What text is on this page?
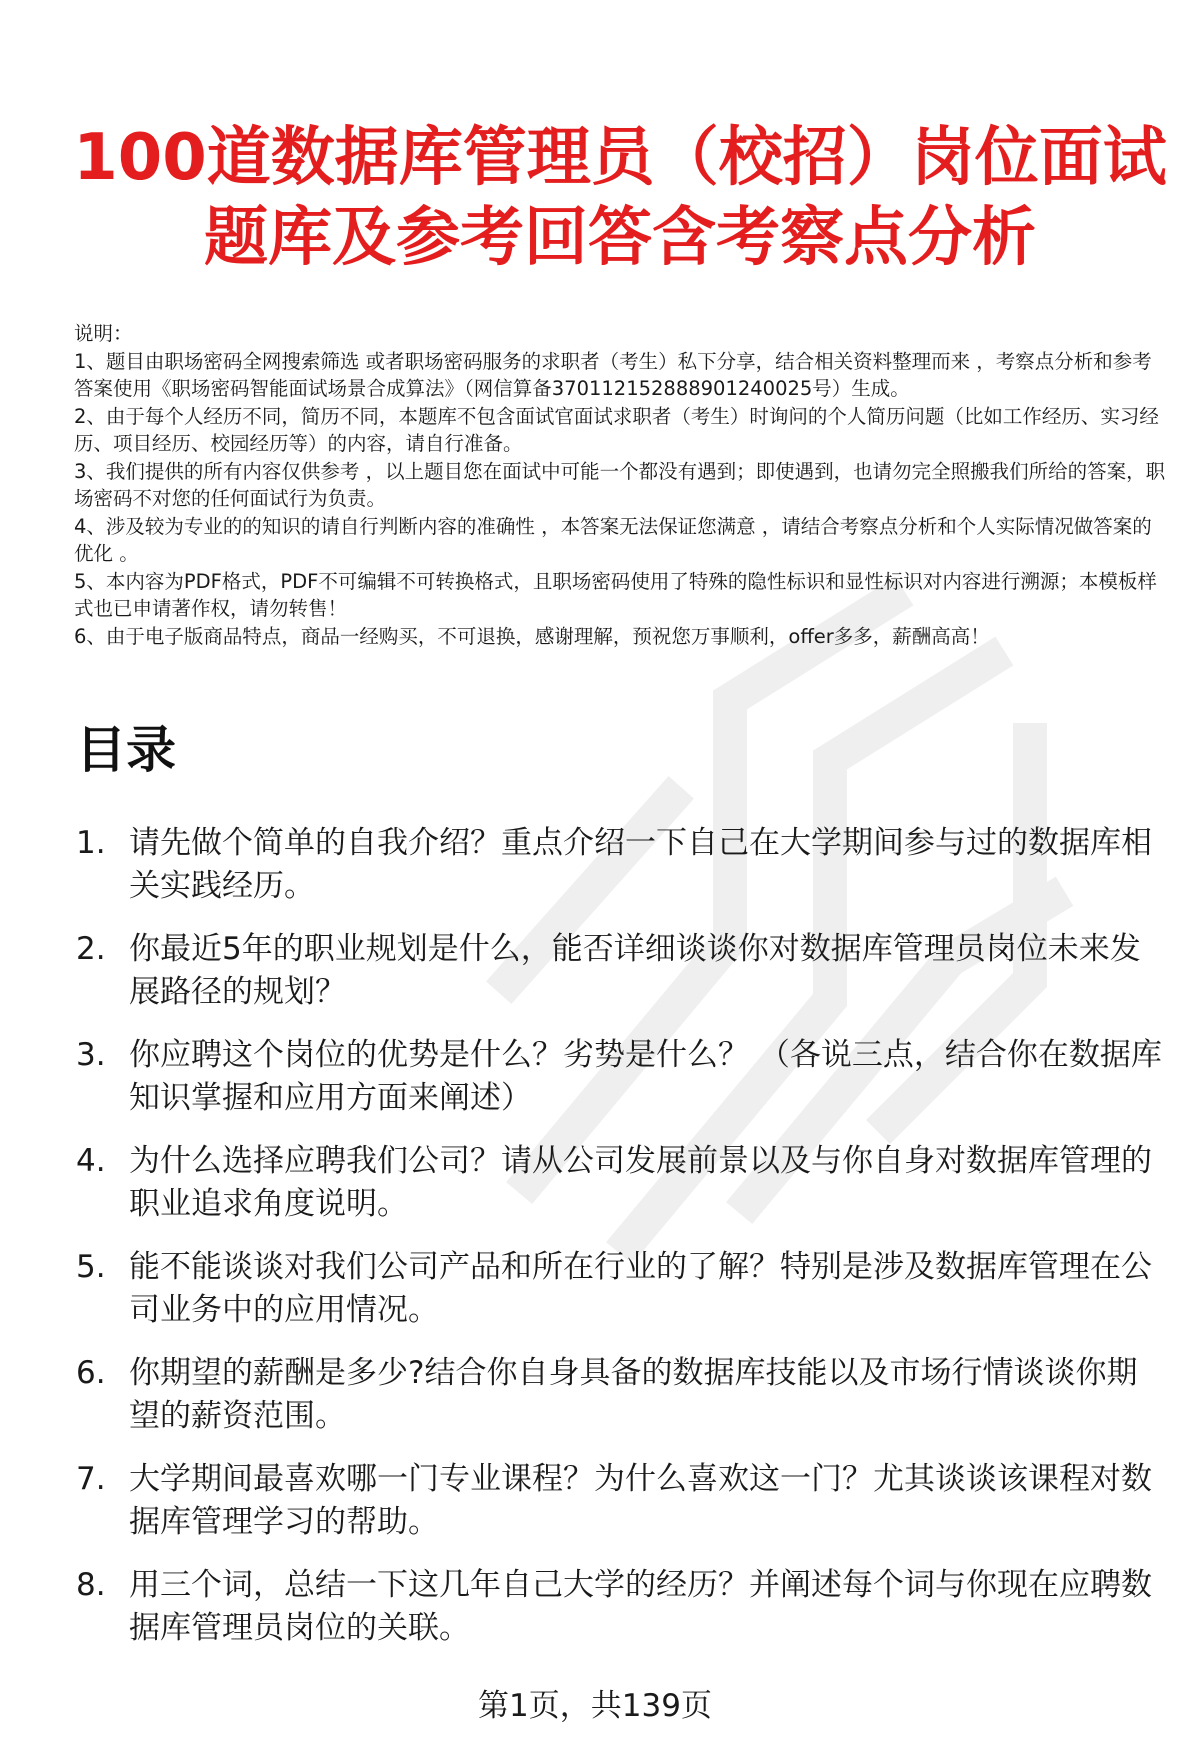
100道数据库管理员（校招）岗位面试题库及参考回答含考察点分析
说明：
1、题目由职场密码全网搜索筛选 或者职场密码服务的求职者（考生）私下分享，结合相关资料整理而来 ，考察点分析和参考答案使用《职场密码智能面试场景合成算法》（网信算备370112152888901240025号）生成。
2、由于每个人经历不同，简历不同，本题库不包含面试官面试求职者（考生）时询问的个人简历问题（比如工作经历、实习经历、项目经历、校园经历等）的内容，请自行准备。
3、我们提供的所有内容仅供参考 ，以上题目您在面试中可能一个都没有遇到；即使遇到，也请勿完全照搬我们所给的答案，职场密码不对您的任何面试行为负责。
4、涉及较为专业的的知识的请自行判断内容的准确性 ，本答案无法保证您满意 ，请结合考察点分析和个人实际情况做答案的优化 。
5、本内容为PDF格式，PDF不可编辑不可转换格式，且职场密码使用了特殊的隐性标识和显性标识对内容进行溯源；本模板样式也已申请著作权，请勿转售！
6、由于电子版商品特点，商品一经购买，不可退换，感谢理解，预祝您万事顺利，offer多多，薪酬高高！
目录
1. 请先做个简单的自我介绍？重点介绍一下自己在大学期间参与过的数据库相关实践经历。
2. 你最近5年的职业规划是什么，能否详细谈谈你对数据库管理员岗位未来发展路径的规划？
3. 你应聘这个岗位的优势是什么？劣势是什么？ （各说三点，结合你在数据库知识掌握和应用方面来阐述）
4. 为什么选择应聘我们公司？请从公司发展前景以及与你自身对数据库管理的职业追求角度说明。
5. 能不能谈谈对我们公司产品和所在行业的了解？特别是涉及数据库管理在公司业务中的应用情况。
6. 你期望的薪酬是多少?结合你自身具备的数据库技能以及市场行情谈谈你期望的薪资范围。
7. 大学期间最喜欢哪一门专业课程？为什么喜欢这一门？尤其谈谈该课程对数据库管理学习的帮助。
8. 用三个词，总结一下这几年自己大学的经历？并阐述每个词与你现在应聘数据库管理员岗位的关联。
第1页，共139页
